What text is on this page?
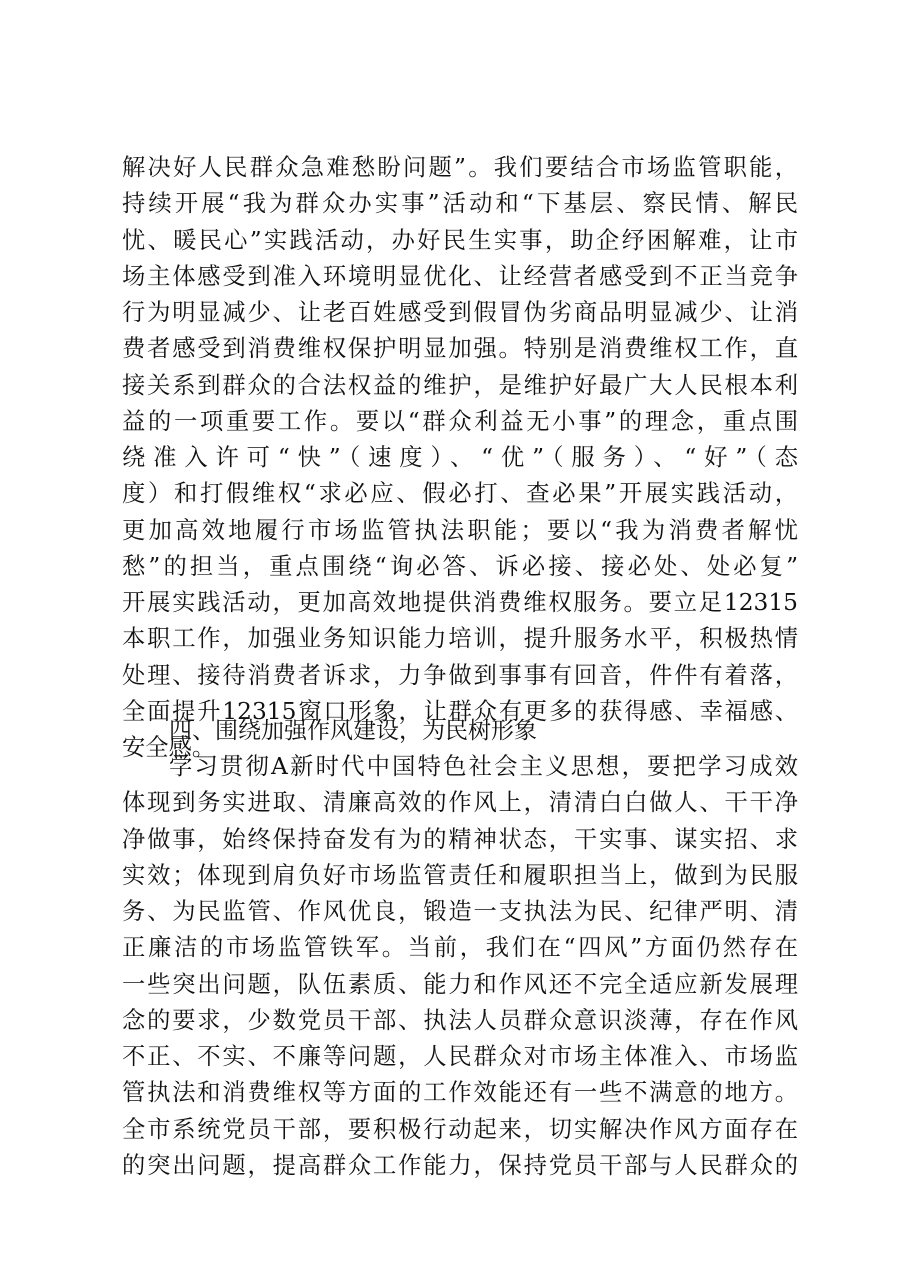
解决好人民群众急难愁盼问题”。我们要结合市场监管职能，
持续开展“我为群众办实事”活动和“下基层、察民情、解民
忧、暖民心”实践活动，办好民生实事，助企纾困解难，让市
场主体感受到准入环境明显优化、让经营者感受到不正当竞争
行为明显减少、让老百姓感受到假冒伪劣商品明显减少、让消
费者感受到消费维权保护明显加强。特别是消费维权工作，直
接关系到群众的合法权益的维护，是维护好最广大人民根本利
益的一项重要工作。要以“群众利益无小事”的理念，重点围
绕准入许可“快”（速度）、“优”（服务）、“好”（态
度）和打假维权“求必应、假必打、查必果”开展实践活动，
更加高效地履行市场监管执法职能；要以“我为消费者解忧
愁”的担当，重点围绕“询必答、诉必接、接必处、处必复”
开展实践活动，更加高效地提供消费维权服务。要立足12315
本职工作，加强业务知识能力培训，提升服务水平，积极热情
处理、接待消费者诉求，力争做到事事有回音，件件有着落，
全面提升12315窗口形象，让群众有更多的获得感、幸福感、
安全感。
四、围绕加强作风建设，为民树形象
学习贯彻A新时代中国特色社会主义思想，要把学习成效
体现到务实进取、清廉高效的作风上，清清白白做人、干干净
净做事，始终保持奋发有为的精神状态，干实事、谋实招、求
实效；体现到肩负好市场监管责任和履职担当上，做到为民服
务、为民监管、作风优良，锻造一支执法为民、纪律严明、清
正廉洁的市场监管铁军。当前，我们在“四风”方面仍然存在
一些突出问题，队伍素质、能力和作风还不完全适应新发展理
念的要求，少数党员干部、执法人员群众意识淡薄，存在作风
不正、不实、不廉等问题，人民群众对市场主体准入、市场监
管执法和消费维权等方面的工作效能还有一些不满意的地方。
全市系统党员干部，要积极行动起来，切实解决作风方面存在
的突出问题，提高群众工作能力，保持党员干部与人民群众的
